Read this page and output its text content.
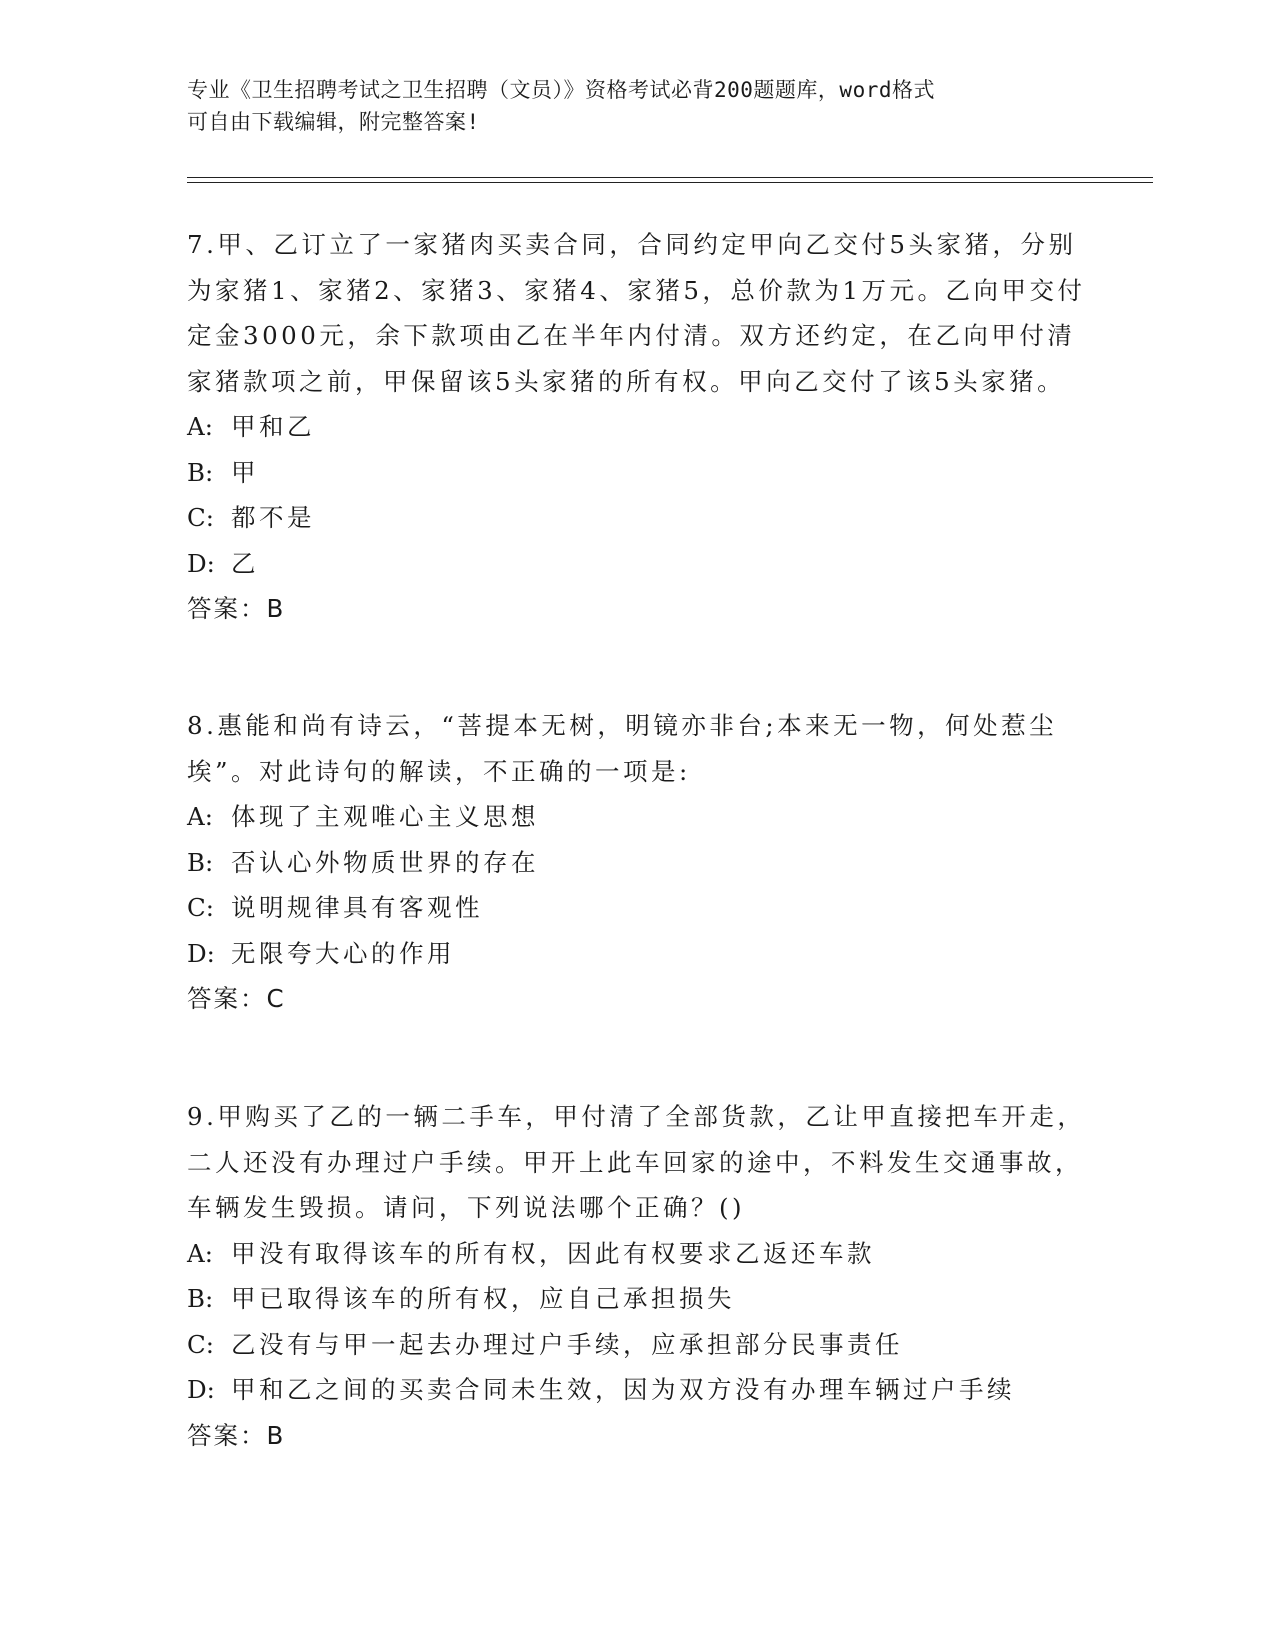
专业《卫生招聘考试之卫生招聘（文员）》资格考试必背200题题库，word格式
可自由下载编辑，附完整答案!

7.甲、乙订立了一家猪肉买卖合同，合同约定甲向乙交付5头家猪，分别为家猪1、家猪2、家猪3、家猪4、家猪5，总价款为1万元。乙向甲交付定金3000元，余下款项由乙在半年内付清。双方还约定，在乙向甲付清家猪款项之前，甲保留该5头家猪的所有权。甲向乙交付了该5头家猪。

A: 甲和乙

B: 甲

C: 都不是

D: 乙

答案：B

8.惠能和尚有诗云，“菩提本无树，明镜亦非台;本来无一物，何处惹尘埃”。对此诗句的解读，不正确的一项是:

A: 体现了主观唯心主义思想

B: 否认心外物质世界的存在

C: 说明规律具有客观性

D: 无限夸大心的作用

答案：C

9.甲购买了乙的一辆二手车，甲付清了全部货款，乙让甲直接把车开走，二人还没有办理过户手续。甲开上此车回家的途中，不料发生交通事故，车辆发生毁损。请问，下列说法哪个正确？()

A: 甲没有取得该车的所有权，因此有权要求乙返还车款

B: 甲已取得该车的所有权，应自己承担损失

C: 乙没有与甲一起去办理过户手续，应承担部分民事责任

D: 甲和乙之间的买卖合同未生效，因为双方没有办理车辆过户手续

答案：B
